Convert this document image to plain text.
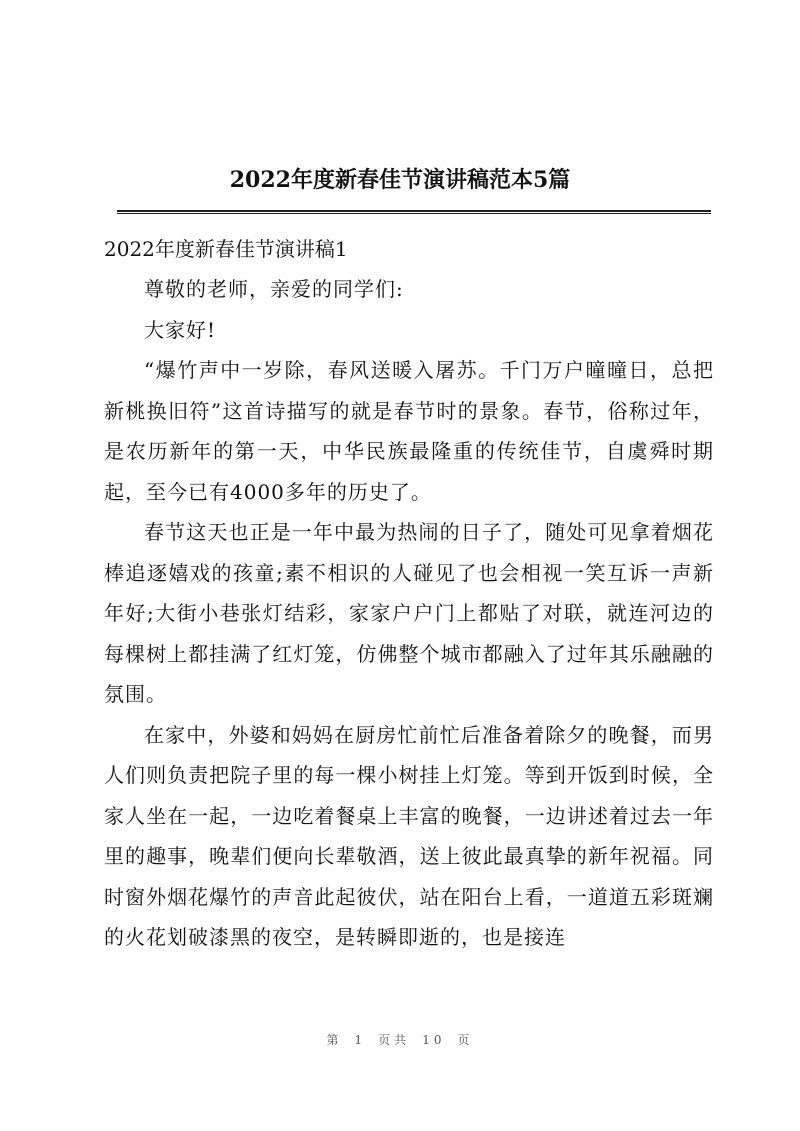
2022年度新春佳节演讲稿范本5篇
2022年度新春佳节演讲稿1

尊敬的老师，亲爱的同学们:

大家好!

“爆竹声中一岁除，春风送暖入屠苏。千门万户曈曈日，总把新桃换旧符”这首诗描写的就是春节时的景象。春节，俗称过年，是农历新年的第一天，中华民族最隆重的传统佳节，自虞舜时期起，至今已有4000多年的历史了。

春节这天也正是一年中最为热闹的日子了，随处可见拿着烟花棒追逐嬉戏的孩童;素不相识的人碰见了也会相视一笑互诉一声新年好;大街小巷张灯结彩，家家户户门上都贴了对联，就连河边的每棵树上都挂满了红灯笼，仿佛整个城市都融入了过年其乐融融的氛围。

在家中，外婆和妈妈在厨房忙前忙后准备着除夕的晚餐，而男人们则负责把院子里的每一棵小树挂上灯笼。等到开饭到时候，全家人坐在一起，一边吃着餐桌上丰富的晚餐，一边讲述着过去一年里的趣事，晚辈们便向长辈敬酒，送上彼此最真挚的新年祝福。同时窗外烟花爆竹的声音此起彼伏，站在阳台上看，一道道五彩斑斓的火花划破漆黑的夜空，是转瞬即逝的，也是接连

第 1 页共 10 页
